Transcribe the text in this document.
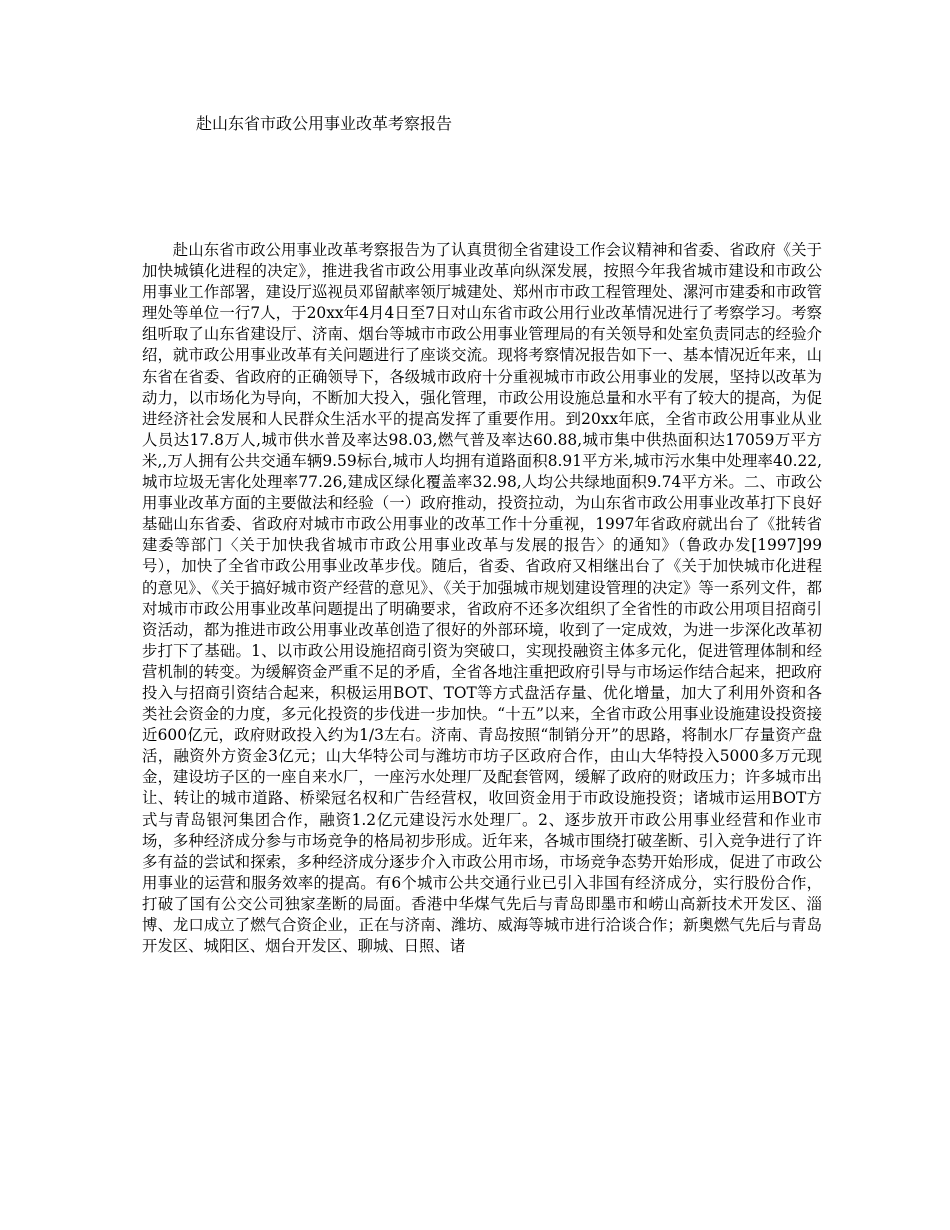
赴山东省市政公用事业改革考察报告

赴山东省市政公用事业改革考察报告为了认真贯彻全省建设工作会议精神和省委、省政府《关于加快城镇化进程的决定》，推进我省市政公用事业改革向纵深发展，按照今年我省城市建设和市政公用事业工作部署，建设厅巡视员邓留献率领厅城建处、郑州市市政工程管理处、漯河市建委和市政管理处等单位一行7人，于20xx年4月4日至7日对山东省市政公用行业改革情况进行了考察学习。考察组听取了山东省建设厅、济南、烟台等城市市政公用事业管理局的有关领导和处室负责同志的经验介绍，就市政公用事业改革有关问题进行了座谈交流。现将考察情况报告如下一、基本情况近年来，山东省在省委、省政府的正确领导下，各级城市政府十分重视城市市政公用事业的发展，坚持以改革为动力，以市场化为导向，不断加大投入，强化管理，市政公用设施总量和水平有了较大的提高，为促进经济社会发展和人民群众生活水平的提高发挥了重要作用。到20xx年底，全省市政公用事业从业人员达17.8万人,城市供水普及率达98.03,燃气普及率达60.88,城市集中供热面积达17059万平方米,,万人拥有公共交通车辆9.59标台,城市人均拥有道路面积8.91平方米,城市污水集中处理率40.22,城市垃圾无害化处理率77.26,建成区绿化覆盖率32.98,人均公共绿地面积9.74平方米。二、市政公用事业改革方面的主要做法和经验（一）政府推动，投资拉动，为山东省市政公用事业改革打下良好基础山东省委、省政府对城市市政公用事业的改革工作十分重视，1997年省政府就出台了《批转省建委等部门〈关于加快我省城市市政公用事业改革与发展的报告〉的通知》（鲁政办发[1997]99号），加快了全省市政公用事业改革步伐。随后，省委、省政府又相继出台了《关于加快城市化进程的意见》、《关于搞好城市资产经营的意见》、《关于加强城市规划建设管理的决定》等一系列文件，都对城市市政公用事业改革问题提出了明确要求，省政府不还多次组织了全省性的市政公用项目招商引资活动，都为推进市政公用事业改革创造了很好的外部环境，收到了一定成效，为进一步深化改革初步打下了基础。1、以市政公用设施招商引资为突破口，实现投融资主体多元化，促进管理体制和经营机制的转变。为缓解资金严重不足的矛盾，全省各地注重把政府引导与市场运作结合起来，把政府投入与招商引资结合起来，积极运用BOT、TOT等方式盘活存量、优化增量，加大了利用外资和各类社会资金的力度，多元化投资的步伐进一步加快。“十五”以来，全省市政公用事业设施建设投资接近600亿元，政府财政投入约为1/3左右。济南、青岛按照“制销分开”的思路，将制水厂存量资产盘活，融资外方资金3亿元；山大华特公司与潍坊市坊子区政府合作，由山大华特投入5000多万元现金，建设坊子区的一座自来水厂，一座污水处理厂及配套管网，缓解了政府的财政压力；许多城市出让、转让的城市道路、桥梁冠名权和广告经营权，收回资金用于市政设施投资；诸城市运用BOT方式与青岛银河集团合作，融资1.2亿元建设污水处理厂。2、逐步放开市政公用事业经营和作业市场，多种经济成分参与市场竞争的格局初步形成。近年来，各城市围绕打破垄断、引入竞争进行了许多有益的尝试和探索，多种经济成分逐步介入市政公用市场，市场竞争态势开始形成，促进了市政公用事业的运营和服务效率的提高。有6个城市公共交通行业已引入非国有经济成分，实行股份合作，打破了国有公交公司独家垄断的局面。香港中华煤气先后与青岛即墨市和崂山高新技术开发区、淄博、龙口成立了燃气合资企业，正在与济南、潍坊、威海等城市进行洽谈合作；新奥燃气先后与青岛开发区、城阳区、烟台开发区、聊城、日照、诸
